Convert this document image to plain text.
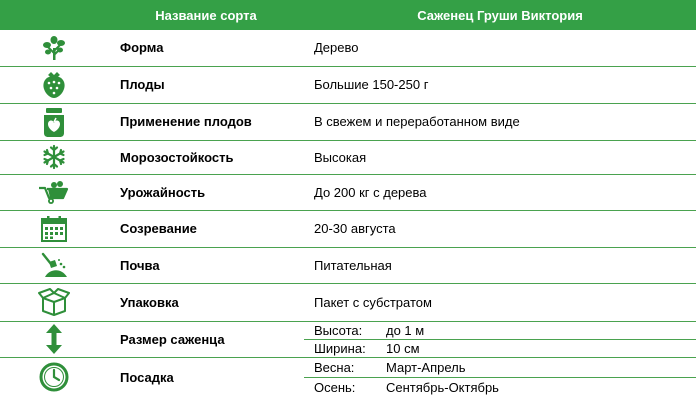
	Название сорта	Саженец Груши Виктория

	Форма	Дерево

	Плоды	Большие 150-250 г

	Применение плодов	В свежем и переработанном виде

	Морозостойкость	Высокая

	Урожайность	До 200 кг с дерева

	Созревание	20-30 августа

	Почва	Питательная

	Упаковка	Пакет с субстратом

	Размер саженца	Высота: до 1 м
Ширина: 10 см

	Посадка	Весна: Март-Апрель
Осень: Сентябрь-Октябрь
